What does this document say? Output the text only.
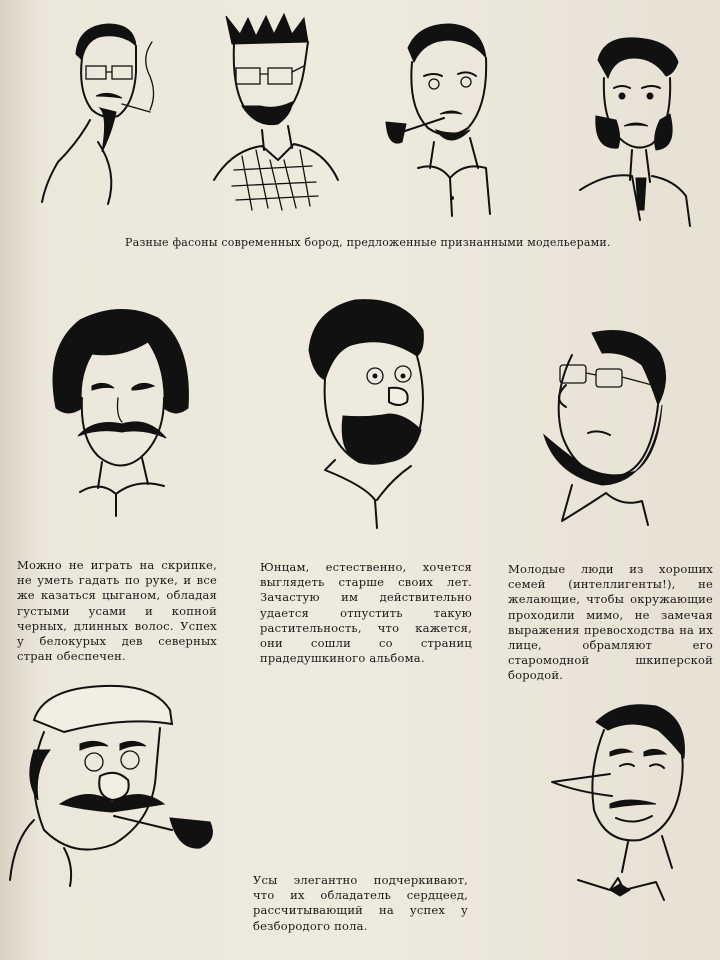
Разные фасоны современных бород, предложенные признанными модельерами.

Можно не играть на скрипке, не уметь гадать по руке, и все же казаться цыганом, обладая густыми усами и копной черных, длинных волос. Успех у белокурых дев северных стран обеспечен.

Юнцам, естественно, хочется выглядеть старше своих лет. Зачастую им действительно удается отпустить такую растительность, что кажется, они сошли со страниц прадедушкиного альбома.

Молодые люди из хороших семей (интеллигенты!), не желающие, чтобы окружающие проходили мимо, не замечая выражения превосходства на их лице, обрамляют его старомодной шкиперской бородой.

Усы элегантно подчеркивают, что их обладатель сердцеед, рассчитывающий на успех у безбородого пола.
